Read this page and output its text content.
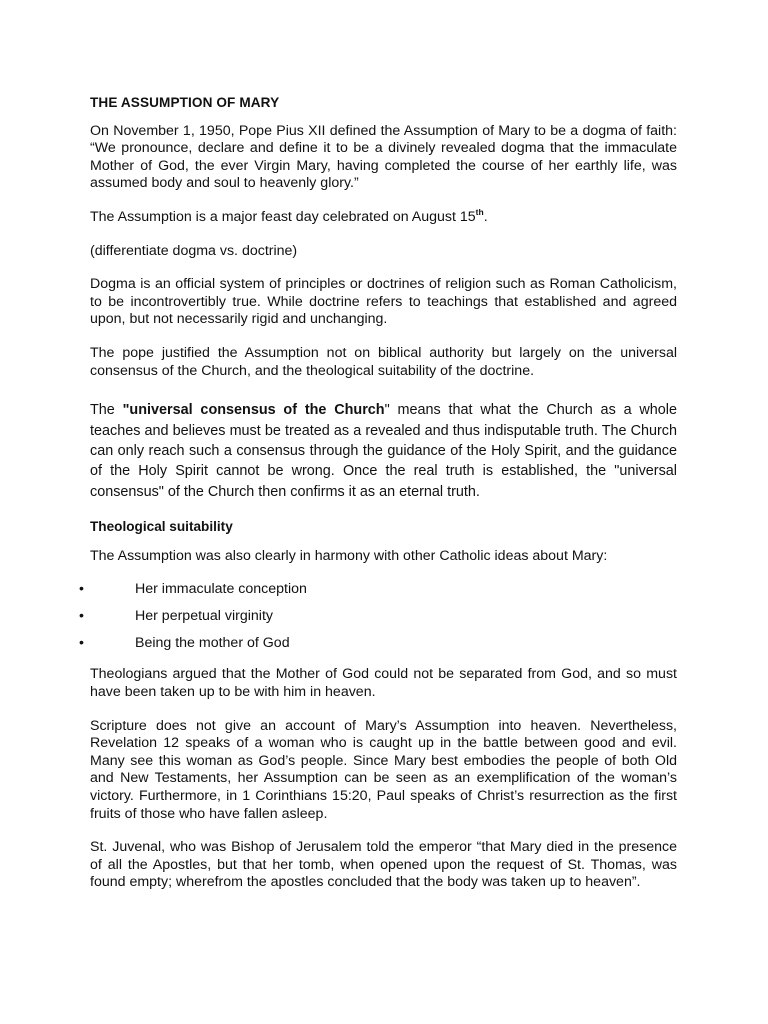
THE ASSUMPTION OF MARY

On November 1, 1950, Pope Pius XII defined the Assumption of Mary to be a dogma of faith: “We pronounce, declare and define it to be a divinely revealed dogma that the immaculate Mother of God, the ever Virgin Mary, having completed the course of her earthly life, was assumed body and soul to heavenly glory.”

The Assumption is a major feast day celebrated on August 15th.

(differentiate dogma vs. doctrine)

Dogma is an official system of principles or doctrines of religion such as Roman Catholicism, to be incontrovertibly true. While doctrine refers to teachings that established and agreed upon, but not necessarily rigid and unchanging.

The pope justified the Assumption not on biblical authority but largely on the universal consensus of the Church, and the theological suitability of the doctrine.

The "universal consensus of the Church" means that what the Church as a whole teaches and believes must be treated as a revealed and thus indisputable truth. The Church can only reach such a consensus through the guidance of the Holy Spirit, and the guidance of the Holy Spirit cannot be wrong. Once the real truth is established, the "universal consensus" of the Church then confirms it as an eternal truth.

Theological suitability

The Assumption was also clearly in harmony with other Catholic ideas about Mary:

•	Her immaculate conception
•	Her perpetual virginity
•	Being the mother of God

Theologians argued that the Mother of God could not be separated from God, and so must have been taken up to be with him in heaven.

Scripture does not give an account of Mary’s Assumption into heaven. Nevertheless, Revelation 12 speaks of a woman who is caught up in the battle between good and evil. Many see this woman as God’s people. Since Mary best embodies the people of both Old and New Testaments, her Assumption can be seen as an exemplification of the woman’s victory. Furthermore, in 1 Corinthians 15:20, Paul speaks of Christ’s resurrection as the first fruits of those who have fallen asleep.

St. Juvenal, who was Bishop of Jerusalem told the emperor “that Mary died in the presence of all the Apostles, but that her tomb, when opened upon the request of St. Thomas, was found empty; wherefrom the apostles concluded that the body was taken up to heaven”.
